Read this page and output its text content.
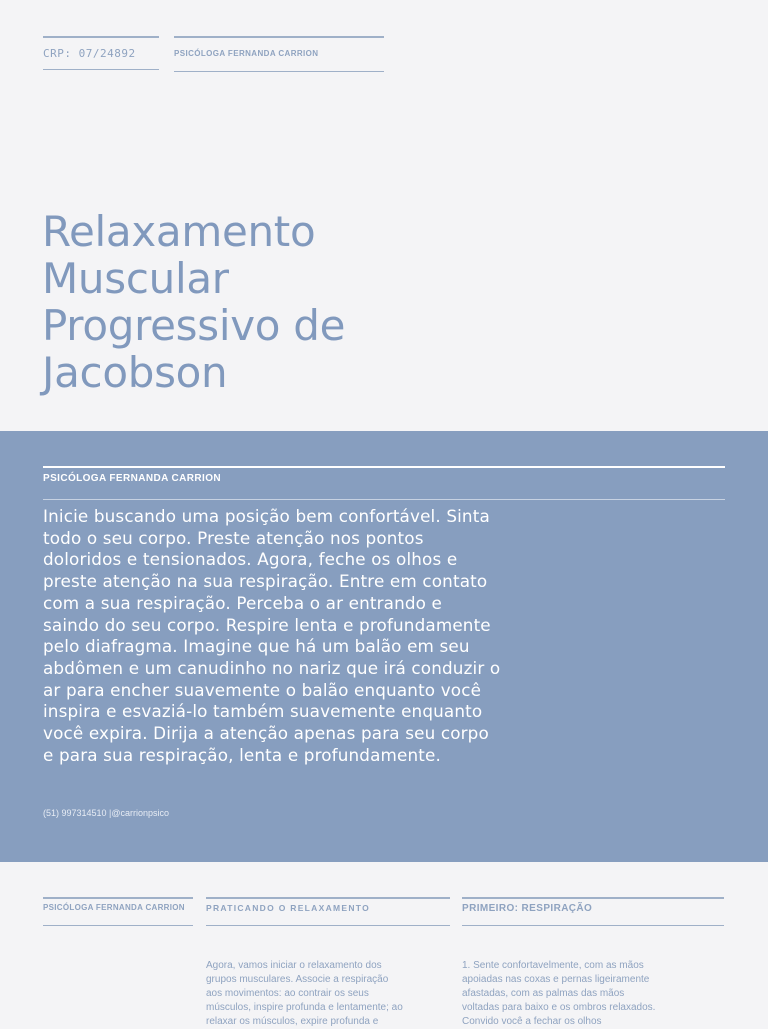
CRP: 07/24892	PSICÓLOGA FERNANDA CARRION
Relaxamento Muscular Progressivo de Jacobson
PSICÓLOGA FERNANDA CARRION

Inicie buscando uma posição bem confortável. Sinta todo o seu corpo. Preste atenção nos pontos doloridos e tensionados. Agora, feche os olhos e preste atenção na sua respiração. Entre em contato com a sua respiração. Perceba o ar entrando e saindo do seu corpo. Respire lenta e profundamente pelo diafragma. Imagine que há um balão em seu abdômen e um canudinho no nariz que irá conduzir o ar para encher suavemente o balão enquanto você inspira e esvaziá-lo também suavemente enquanto você expira. Dirija a atenção apenas para seu corpo e para sua respiração, lenta e profundamente.

(51) 997314510 |@carrionpsico
PSICÓLOGA FERNANDA CARRION PRATICANDO O RELAXAMENTO	PRIMEIRO: RESPIRAÇÃO

Agora, vamos iniciar o relaxamento dos grupos musculares. Associe a respiração aos movimentos: ao contrair os seus músculos, inspire profunda e lentamente; ao relaxar os músculos, expire profunda e

1. Sente confortavelmente, com as mãos apoiadas nas coxas e pernas ligeiramente afastadas, com as palmas das mãos voltadas para baixo e os ombros relaxados. Convido você a fechar os olhos
